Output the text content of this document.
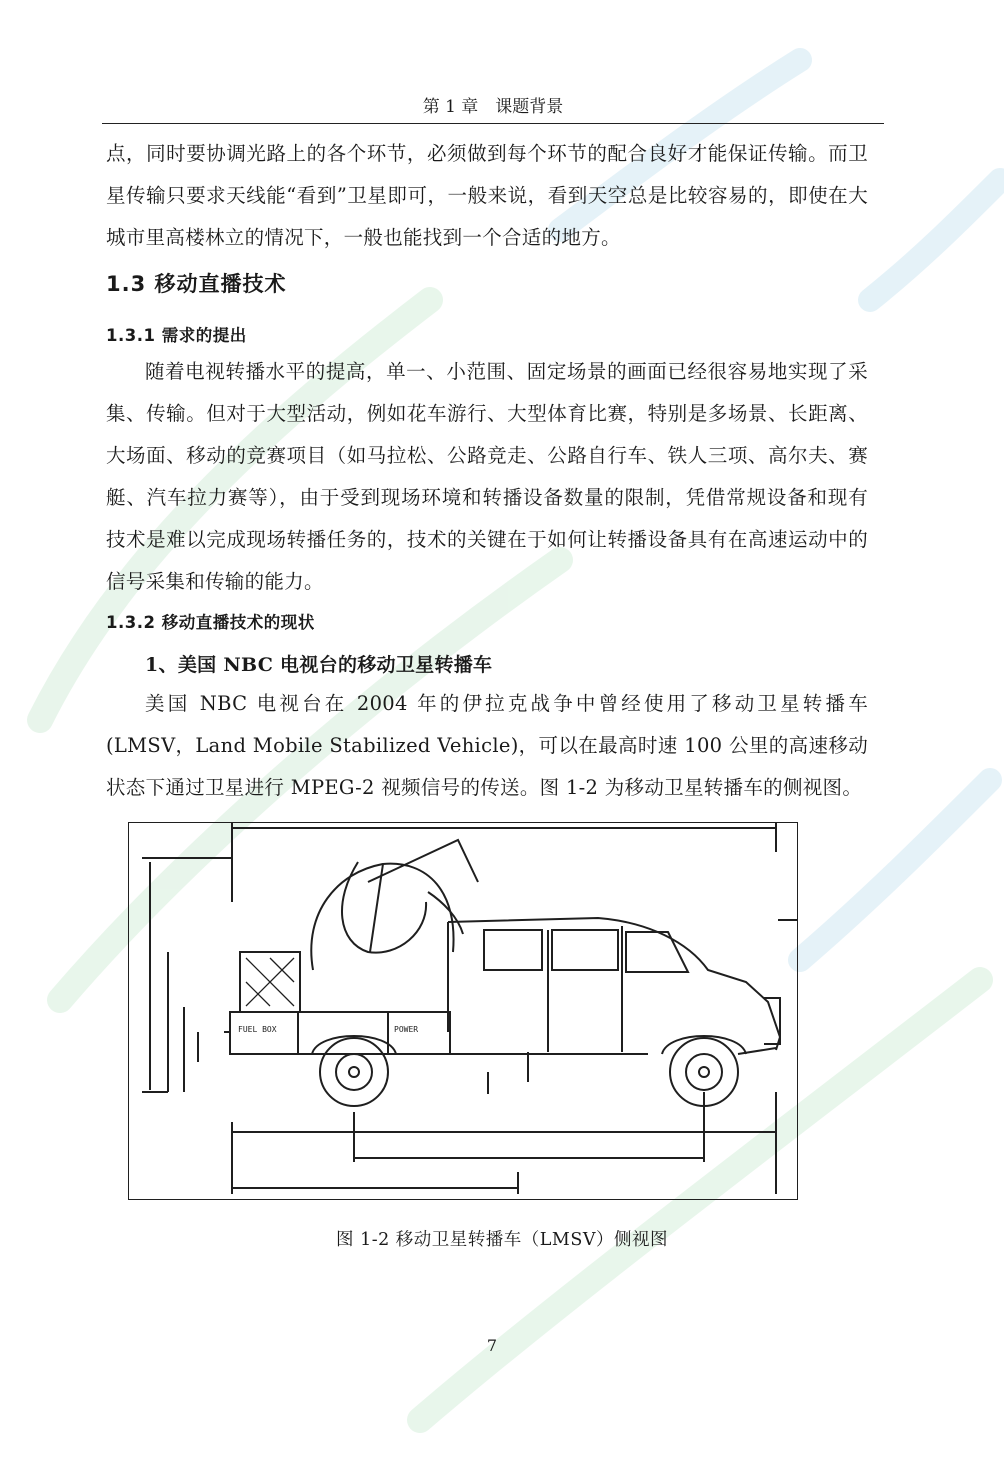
第 1 章　课题背景
点，同时要协调光路上的各个环节，必须做到每个环节的配合良好才能保证传输。而卫星传输只要求天线能“看到”卫星即可，一般来说，看到天空总是比较容易的，即使在大城市里高楼林立的情况下，一般也能找到一个合适的地方。
1.3 移动直播技术
1.3.1 需求的提出
随着电视转播水平的提高，单一、小范围、固定场景的画面已经很容易地实现了采集、传输。但对于大型活动，例如花车游行、大型体育比赛，特别是多场景、长距离、大场面、移动的竞赛项目（如马拉松、公路竞走、公路自行车、铁人三项、高尔夫、赛艇、汽车拉力赛等），由于受到现场环境和转播设备数量的限制，凭借常规设备和现有技术是难以完成现场转播任务的，技术的关键在于如何让转播设备具有在高速运动中的信号采集和传输的能力。
1.3.2 移动直播技术的现状
1、美国 NBC 电视台的移动卫星转播车
美国 NBC 电视台在 2004 年的伊拉克战争中曾经使用了移动卫星转播车(LMSV，Land Mobile Stabilized Vehicle)，可以在最高时速 100 公里的高速移动状态下通过卫星进行 MPEG-2 视频信号的传送。图 1-2 为移动卫星转播车的侧视图。
FUEL BOX	POWER
图 1-2 移动卫星转播车（LMSV）侧视图
7
